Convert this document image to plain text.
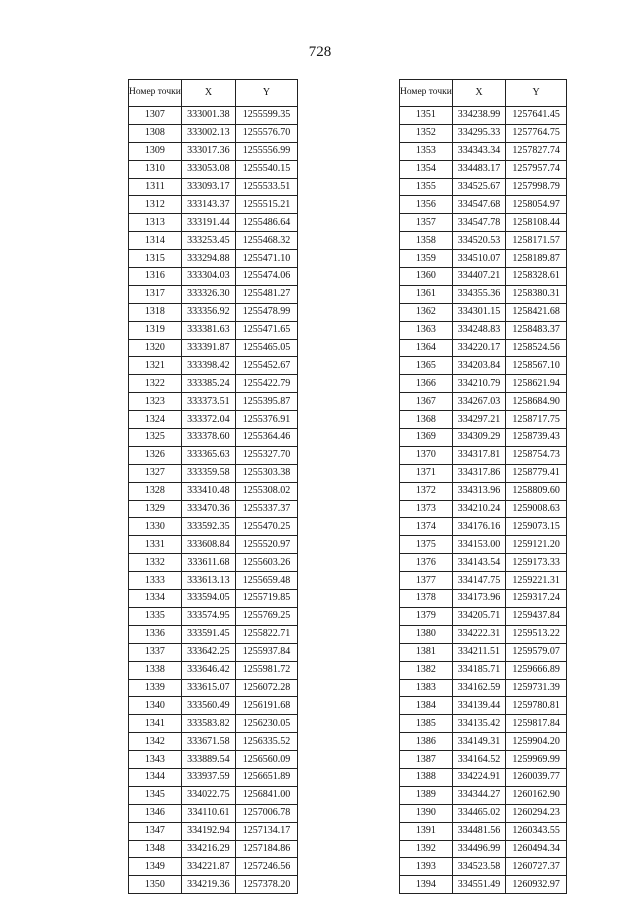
728
Номер точки	X	Y
1307	333001.38	1255599.35
1308	333002.13	1255576.70
1309	333017.36	1255556.99
1310	333053.08	1255540.15
1311	333093.17	1255533.51
1312	333143.37	1255515.21
1313	333191.44	1255486.64
1314	333253.45	1255468.32
1315	333294.88	1255471.10
1316	333304.03	1255474.06
1317	333326.30	1255481.27
1318	333356.92	1255478.99
1319	333381.63	1255471.65
1320	333391.87	1255465.05
1321	333398.42	1255452.67
1322	333385.24	1255422.79
1323	333373.51	1255395.87
1324	333372.04	1255376.91
1325	333378.60	1255364.46
1326	333365.63	1255327.70
1327	333359.58	1255303.38
1328	333410.48	1255308.02
1329	333470.36	1255337.37
1330	333592.35	1255470.25
1331	333608.84	1255520.97
1332	333611.68	1255603.26
1333	333613.13	1255659.48
1334	333594.05	1255719.85
1335	333574.95	1255769.25
1336	333591.45	1255822.71
1337	333642.25	1255937.84
1338	333646.42	1255981.72
1339	333615.07	1256072.28
1340	333560.49	1256191.68
1341	333583.82	1256230.05
1342	333671.58	1256335.52
1343	333889.54	1256560.09
1344	333937.59	1256651.89
1345	334022.75	1256841.00
1346	334110.61	1257006.78
1347	334192.94	1257134.17
1348	334216.29	1257184.86
1349	334221.87	1257246.56
1350	334219.36	1257378.20
Номер точки	X	Y
1351	334238.99	1257641.45
1352	334295.33	1257764.75
1353	334343.34	1257827.74
1354	334483.17	1257957.74
1355	334525.67	1257998.79
1356	334547.68	1258054.97
1357	334547.78	1258108.44
1358	334520.53	1258171.57
1359	334510.07	1258189.87
1360	334407.21	1258328.61
1361	334355.36	1258380.31
1362	334301.15	1258421.68
1363	334248.83	1258483.37
1364	334220.17	1258524.56
1365	334203.84	1258567.10
1366	334210.79	1258621.94
1367	334267.03	1258684.90
1368	334297.21	1258717.75
1369	334309.29	1258739.43
1370	334317.81	1258754.73
1371	334317.86	1258779.41
1372	334313.96	1258809.60
1373	334210.24	1259008.63
1374	334176.16	1259073.15
1375	334153.00	1259121.20
1376	334143.54	1259173.33
1377	334147.75	1259221.31
1378	334173.96	1259317.24
1379	334205.71	1259437.84
1380	334222.31	1259513.22
1381	334211.51	1259579.07
1382	334185.71	1259666.89
1383	334162.59	1259731.39
1384	334139.44	1259780.81
1385	334135.42	1259817.84
1386	334149.31	1259904.20
1387	334164.52	1259969.99
1388	334224.91	1260039.77
1389	334344.27	1260162.90
1390	334465.02	1260294.23
1391	334481.56	1260343.55
1392	334496.99	1260494.34
1393	334523.58	1260727.37
1394	334551.49	1260932.97
